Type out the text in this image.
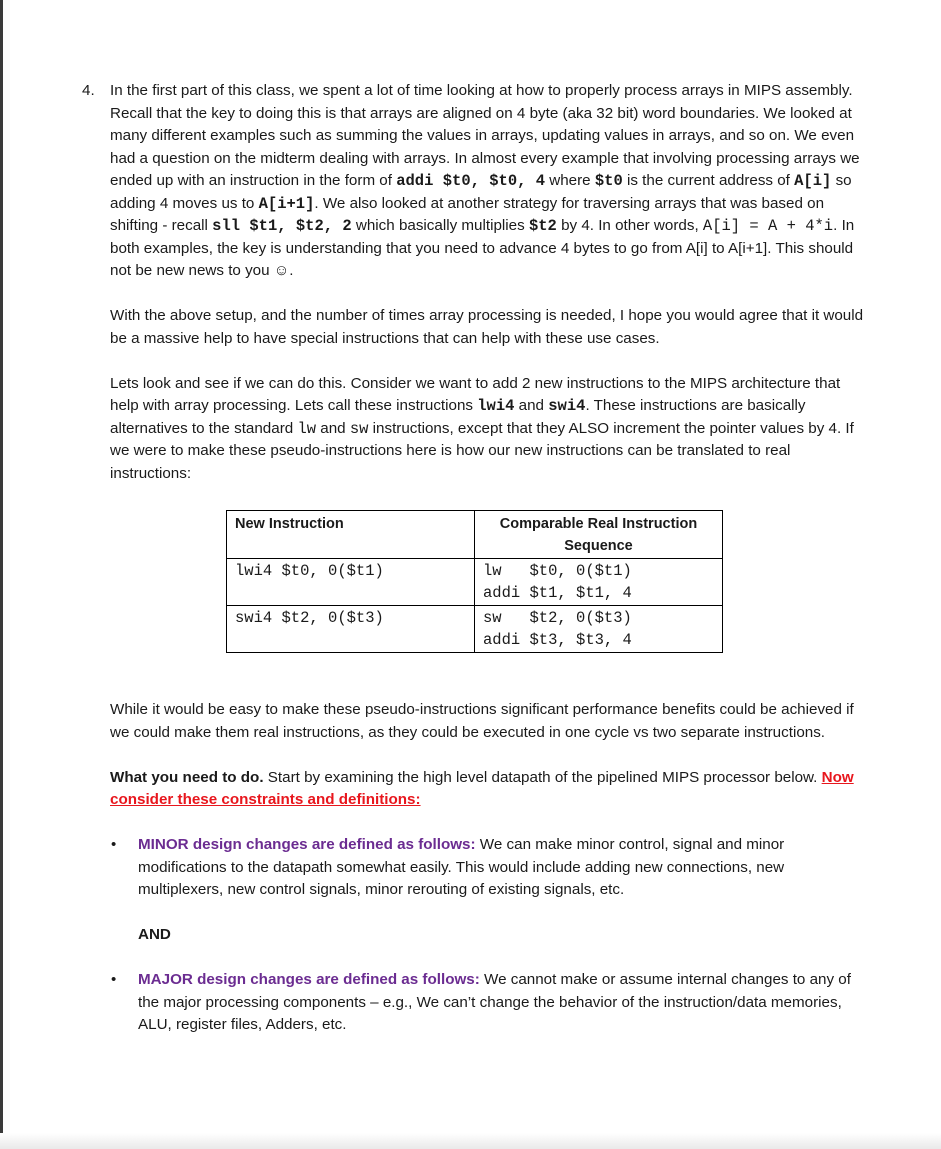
4. In the first part of this class, we spent a lot of time looking at how to properly process arrays in MIPS assembly. Recall that the key to doing this is that arrays are aligned on 4 byte (aka 32 bit) word boundaries. We looked at many different examples such as summing the values in arrays, updating values in arrays, and so on. We even had a question on the midterm dealing with arrays. In almost every example that involving processing arrays we ended up with an instruction in the form of addi $t0, $t0, 4 where $t0 is the current address of A[i] so adding 4 moves us to A[i+1]. We also looked at another strategy for traversing arrays that was based on shifting - recall sll $t1, $t2, 2 which basically multiplies $t2 by 4. In other words, A[i] = A + 4*i. In both examples, the key is understanding that you need to advance 4 bytes to go from A[i] to A[i+1]. This should not be new news to you ☺.

With the above setup, and the number of times array processing is needed, I hope you would agree that it would be a massive help to have special instructions that can help with these use cases.

Lets look and see if we can do this. Consider we want to add 2 new instructions to the MIPS architecture that help with array processing. Lets call these instructions lwi4 and swi4. These instructions are basically alternatives to the standard lw and sw instructions, except that they ALSO increment the pointer values by 4. If we were to make these pseudo-instructions here is how our new instructions can be translated to real instructions:

New Instruction	Comparable Real Instruction Sequence
lwi4 $t0, 0($t1)	lw   $t0, 0($t1)
addi $t1, $t1, 4
swi4 $t2, 0($t3)	sw   $t2, 0($t3)
addi $t3, $t3, 4

While it would be easy to make these pseudo-instructions significant performance benefits could be achieved if we could make them real instructions, as they could be executed in one cycle vs two separate instructions.

What you need to do. Start by examining the high level datapath of the pipelined MIPS processor below. Now consider these constraints and definitions:

• MINOR design changes are defined as follows: We can make minor control, signal and minor modifications to the datapath somewhat easily. This would include adding new connections, new multiplexers, new control signals, minor rerouting of existing signals, etc.

AND

• MAJOR design changes are defined as follows: We cannot make or assume internal changes to any of the major processing components – e.g., We can’t change the behavior of the instruction/data memories, ALU, register files, Adders, etc.
